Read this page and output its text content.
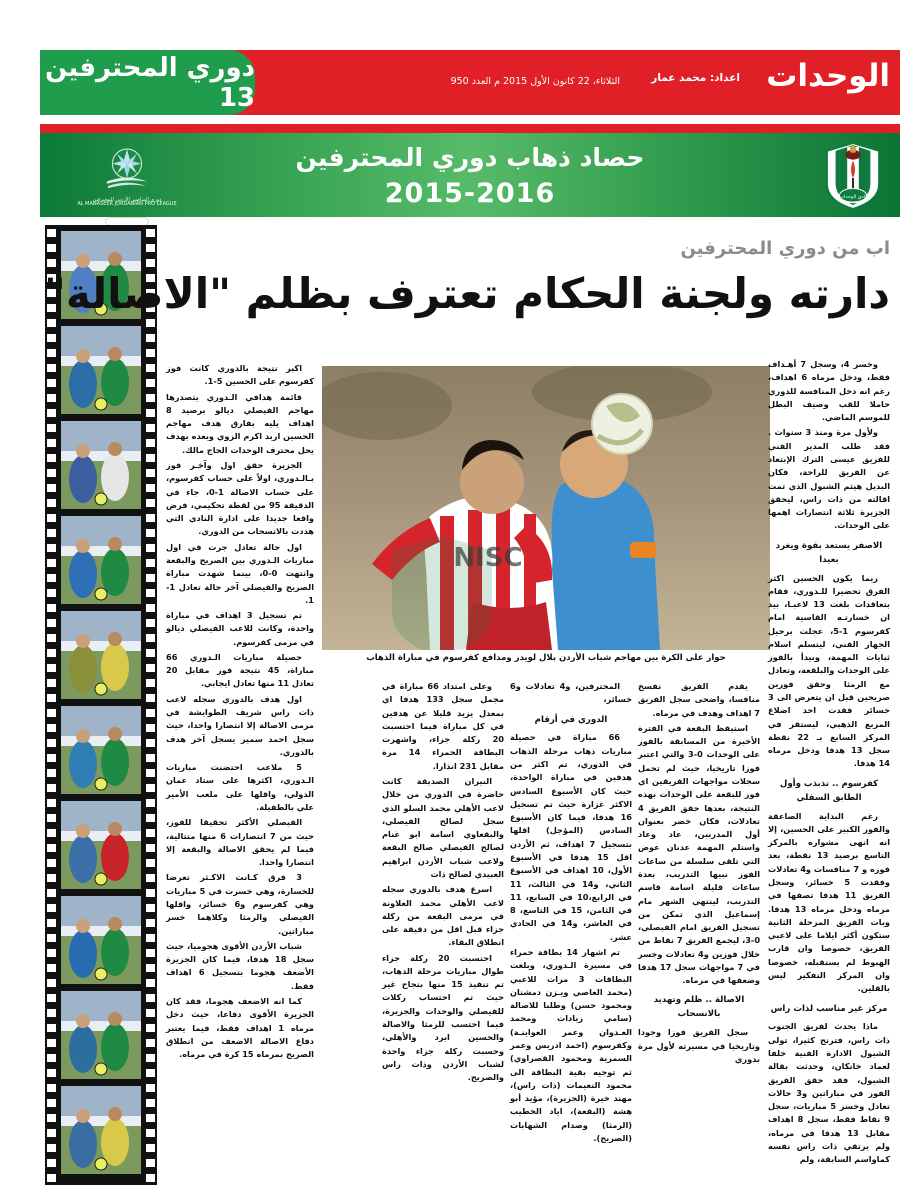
دوري المحترفين 13
الوحدات
اعداد: محمد عمار
الثلاثاء، 22 كانون الأول 2015 م العدد 950
دوري المناصير الأردني للمحترفين
AL MANASEER JORDANIAN PRO LEAGUE
2015-2016
حصاد ذهاب دوري المحترفين
2015-2016	نادي الوحدات
اب من دوري المحترفين
دارته ولجنة الحكام تعترف بظلم "الاصالة"
NISC
حوار على الكرة بين مهاجم شباب الأردن بلال لويدر ومدافع كفرسوم في مباراة الذهاب

وخسر 4، وسجل 7 أهـداف فقط، ودخل مرماه 6 اهداف، رغم انه دخل المنافسة للدوري حاملا للقب وصيف البطل للموسم الماضي.

وﻷول مرة ومنذ 3 سنوات . فقد طلب المدير الفني للفريق عيسى الترك الإبتعاد عن الفريق للراحة، فكان البديل هيثم الشبول الذي تمت اقالته من ذات راس، ليحقق الجزيرة ثلاثة انتصارات اهمها على الوحدات.

الاصفر يستعد بقوة ويغرد بعيدا

ربما يكون الحسين اكثر الفرق تحضيرا للـدوري، فقام بتعاقدات بلغت 13 لاعبـا، بيد ان خسارتـه القاسية امام كفرسوم 1-5، عجلت برحيل الجهاز الفني، ليتسلم اسلام ثبايات المهمة، وبيدأ بالفوز على الوحدات والبلقعة، وتعادل مع الرمثا وحقق فوزين صريحين قبل ان يتعرض الى 3 خسائر فقدت احد اضلاع المربع الذهبي، ليستقر في المركز السابع بـ 22 نقطة سجل 13 هدفا ودخل مرماه 14 هدفا.

كفرسوم .. تذبذب وأول الطابق السفلي

رغم البداية الصاعقة والفوز الكبير على الحسين، إلا انه انهى مشواره بالمركز التاسع برصيد 13 نقطة، بعد فوزه و 7 منافسات و4 تعادلات وفقدت 5 خسائر، وسجل الفريق 11 هدفا تصفها في مرماه ودخل مرماه 13 هدفا. وبات الفريق المرحلة الثانية ستكون أكثر ايلاما على لاعبي الفريق، خصوصا وان قارب الهبوط لم يستقبله، خصوصا وان المركز التفكير ليس بالقلين.

مركز غير مناسب لذات راس

ماذا يحدث لفريق الجنوب ذات راس، فترنح كثيرا، تولى الشبول الادارة الفنية خلفا لعماد خانكان، وحدثت بقالة الشبول، فقد حقق الفريق الفوز في مباراتين و3 حالات تعادل وخسر 5 مباريات، سجل 9 نقاط فقط، سجل 8 اهداف مقابل 13 هدفا في مرماه، ولم يرتقي ذات راس نفسه كماواسم السابقة، ولم

يقدم الفريق نفسخ منافسا، واضحى سجل الفريق 7 اهداف وهدف في مرماه.

استيقظ البقعة في الفترة الأخيرة من المسابقة بالفوز على الوحدات 0-3 والتي اعتبر فوزا تاريخيا، حيث لم تحمل سجلات مواجهات الفريقين اي فوز للبقعة على الوحدات بهذه النتيجة، بعدها حقق الفريق 4 تعادلات، فكان خضر بعنوان أول المدربين، عاد وعاد واستلم المهمة عدنان عوض التي تلقى سلسلة من ساعات الفوز نبيها التدريب، بعدة ساعات قليلة اسامة قاسم التدريب، لينتهي الشهر مام إسماعيل الذي تمكن من تسجيل الفريق امام الفيصلي، 0-3، ليجمع الفريق 7 نقاط من خلال فوزين و4 تعادلات وخسر في 7 مواجهات سجل 17 هدفا وضعفها في مرماه.

الاصالة .. ظلم وتهديد بالانسحاب

سجل الفريق فوزا وجودا وتاريخيا في مسيرته لأول مرة بدوري

المحترفين، و4 تعادلات و6 خسائر،

الدوري في أرقام

66 مباراة في حصيلة مباريات ذهاب مرحلة الذهاب في الدوري، تم اكثر من هدفين في مباراة الواحدة، حيث كان الأسبوع السادس الاكثر غزارة حيث تم تسجيل 16 هدفا، فيما كان الأسبوع السادس (المؤجل) اقلها بتسجيل 7 اهداف، ثم الأردن اقل 15 هدفا في الأسبوع الأول، 10 اهداف في الأسبوع الثاني، و14 في الثالث، 11 في الرابع،10 في السابع، 11 في الثامن، 15 في التاسع، 8 في العاشر، و14 في الحادي عشر.

تم اشهار 14 بطاقة حمراء في مسيرة الـدوري، وبلغت البطاقات 3 مرات للاعبي (محمد العاصي ويـزن دمشنان ومحمود حسن) وطلبا للاصالة (سامي زيادات ومحمد العـدوان وعمر العواينـة) وكفرسوم (احمد ادريس وعمر السمرية ومحمود القصراوي) ثم توجيه بقية البطاقة الى محمود النعيمات (ذات راس)، مهند خيرة (الجزيرة)، مؤيد أبو هشة (البقعة)، اياد الخطيب (الرمثا) وصدام الشهابات (الصريح).

وعلى امتداد 66 مباراة في مجمل سجل 133 هدفا اي بمعدل يزيد قليلا عن هدفين في كل مباراة فيما احتسبت 20 ركلة جزاء، واشهرت البطاقة الحمراء 14 مرة مقابل 231 انذارا.

النيران الصديقة كانت حاضرة في الدوري من خلال لاعب الأهلي محمد السلو الذي سجل لصالح الفيصلي، والبقعاوي اسامة ابو غنام لصالح الفيصلي صالح البقعة ولاعب شباب الأردن ابراهيم العبيدي لصالح ذات

اسرع هدف بالدوري سجله لاعب الأهلي محمد العلاونة في مرمى البقعة من ركلة جزاء قبل اقل من دقيقة على انطلاق البقاء.

احتسبت 20 ركلة جزاء طوال مباريات مرحلة الذهاب، تم تنفيذ 15 منها بنجاح غير حيث تم احتساب ركلات للفيصلي والوحدات والجزيرة، فيما احتسب للرمثا والاصالة والحسين ابرد والأهلي، وحسبت ركلة جزاء واحدة لشباب الأردن وذات راس والصريح.

اكبر نتيجة بالدوري كانت فوز كفرسوم على الحسين 5-1.

قائمة هدافي الـدوري يتصدرها مهاجم الفيصلي ديالو برصيد 8 اهداف يليه بفارق هدف مهاجم الحسين اربد اكرم الزوي وبعده بهدف يحل محترف الوحدات الحاج مالك.

الجزيرة حقق اول وآخـر فوز بـالـدوري، اولاً على حساب كفرسوم، على حساب الاصالة 1-0، جاء في الدقيقة 95 من لقطة تحكيمي، فرض واقعا جديدا على ادارة النادي التي هددت بالانسحاب من الدوري.

اول حالة تعادل جرت في اول مباريات الـدوري بين الصريح والبقعة وانتهت 0-0، بينما شهدت مباراة الصريح والفيصلي آخر حالة تعادل 1-1.

تم تسجيل 3 اهداف في مباراة واحدة، وكانت للاعب الفيصلي ديالو في مرمى كفرسوم.

حصيلة مباريات الـدوري 66 مباراة، 45 نتيجة فوز مقابل 20 تعادل 11 منها تعادل ايجابي.

اول هدف بالدوري سجله لاعب ذات راس شريف الطوايشة في مرمى الاصالة إلا انتصارا واحدا، حيث سجل احمد سمير يسجل آخر هدف بالدوري.

5 ملاعب احتضنت مباريات الـدوري، اكثرها على ستاد عمان الدولي، واقلها على ملعب الأمير علي بالطفيلة.

الفيصلي الأكثر تحقيقا للفوز، حيث من 7 انتصارات 6 منها متتالية، فيما لم يحقق الاصالة والبقعة إلا انتصارا واحدا.

3 فرق كـانت الاكـثر تعرضا للخسارة، وهي خسرت في 5 مباريات وهي كفرسوم و6 خسائر، واقلها الفيصلي والرمثا وكلاهما خسر مباراتين.

شباب الأردن الأقوى هجوميا، حيث سجل 18 هدفا، فيما كان الجزيرة الأضعف هجوما بتسجيل 6 اهداف فقط.

كما انه الاضعف هجوما، فقد كان الجزيرة الأقوى دفاعا، حيث دخل مرماه 1 اهداف فقط، فيما يعتبر دفاع الاصالة الاضعف من انطلاق الصريح بمرماه 15 كرة في مرماه.
